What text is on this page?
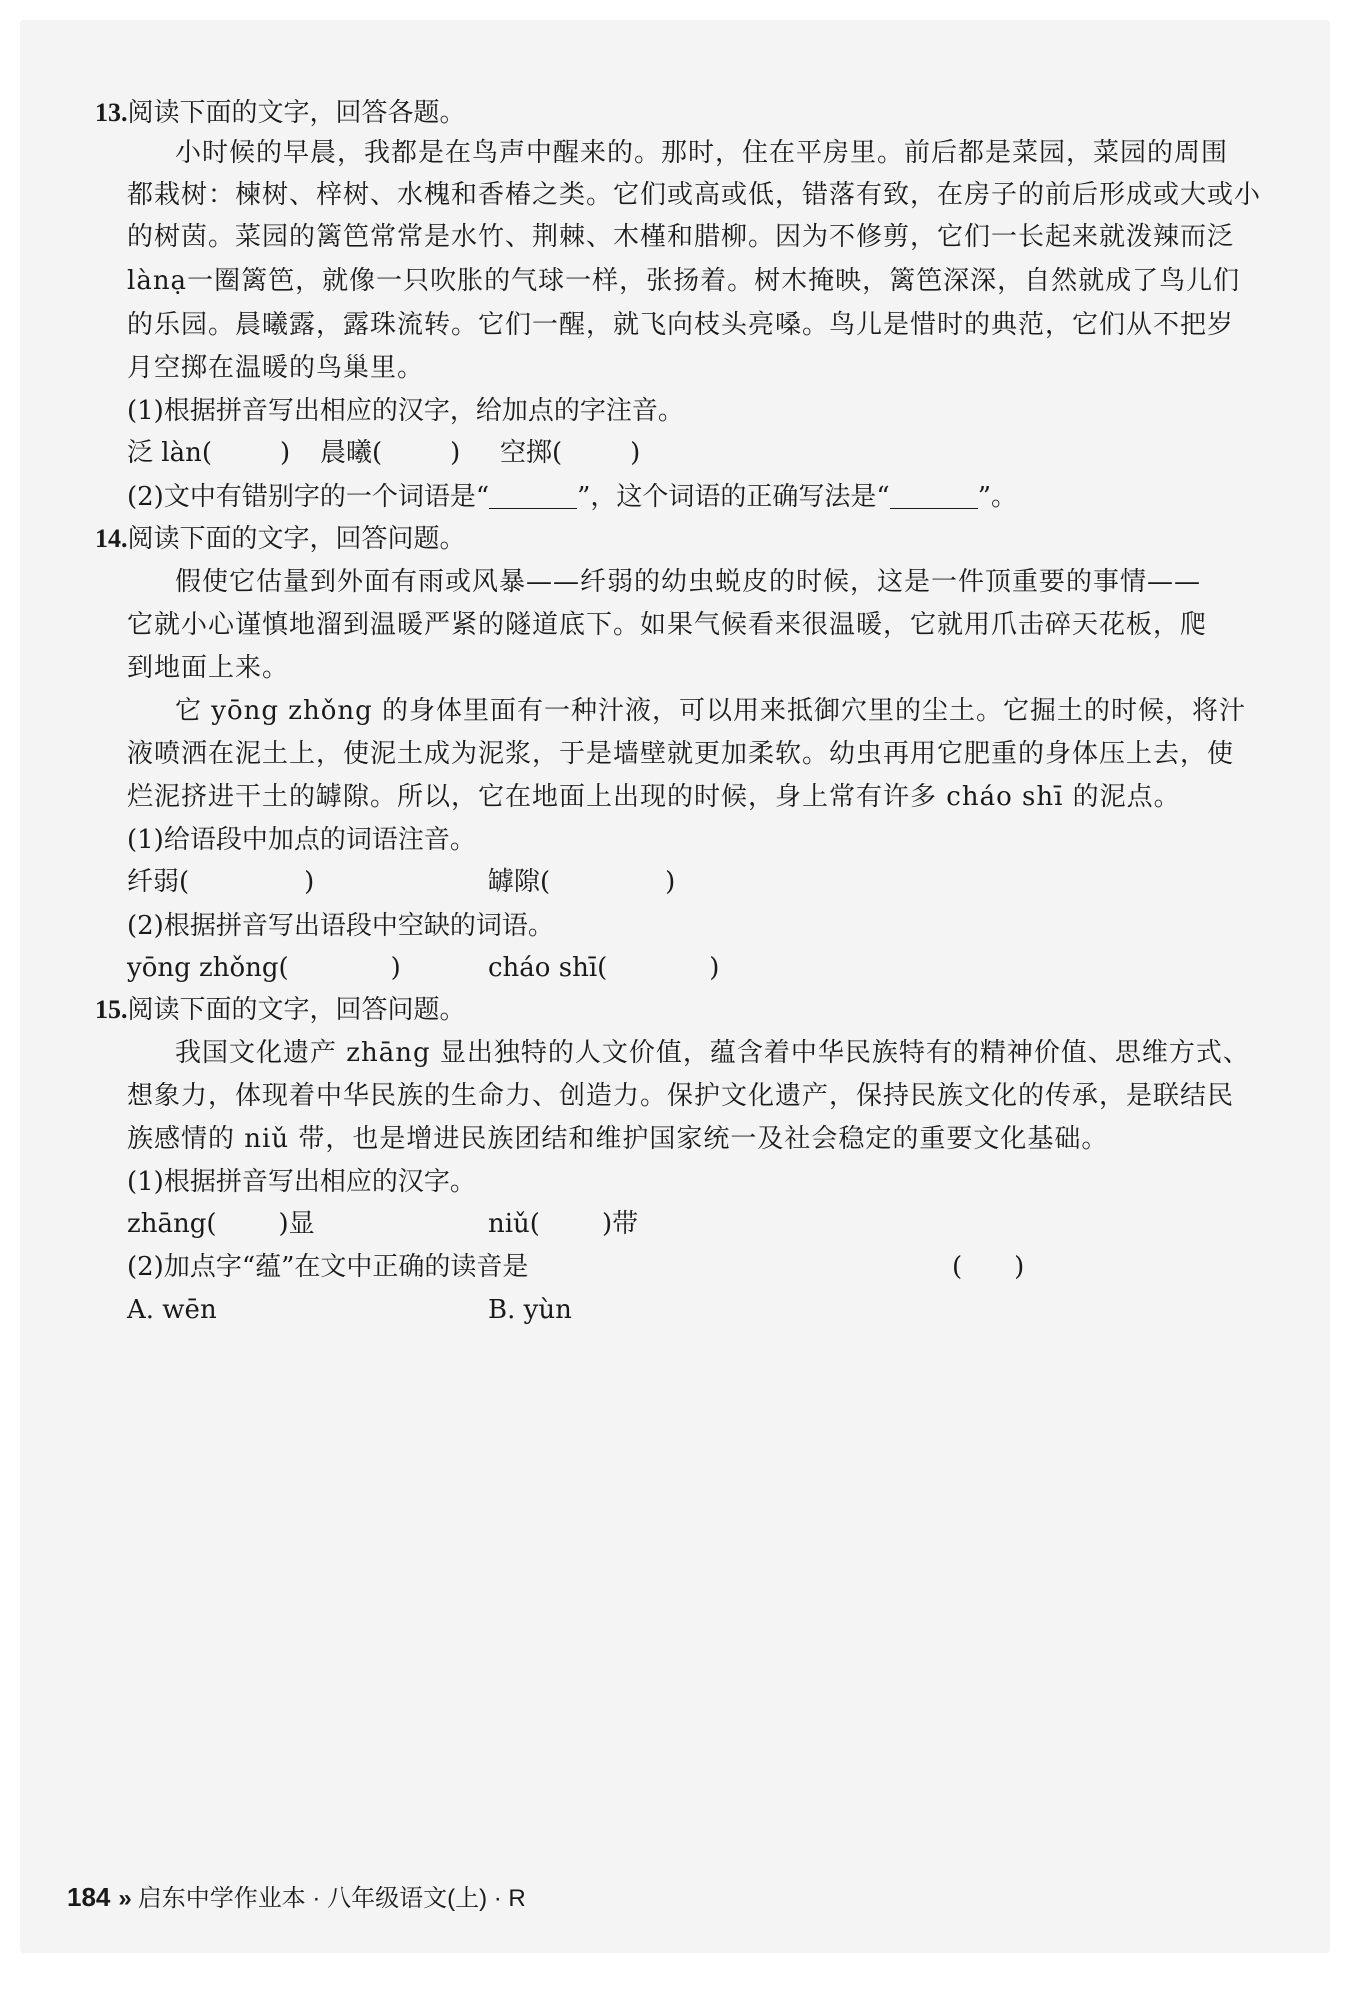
13.阅读下面的文字，回答各题。
小时候的早晨，我都是在鸟声中醒来的。那时，住在平房里。前后都是菜园，菜园的周围
都栽树：楝树、梓树、水槐和香椿之类。它们或高或低，错落有致，在房子的前后形成或大或小
的树茵。菜园的篱笆常常是水竹、荆棘、木槿和腊柳。因为不修剪，它们一长起来就泼辣而泛
lànạ一圈篱笆，就像一只吹胀的气球一样，张扬着。树木掩映，篱笆深深，自然就成了鸟儿们
的乐园。晨曦露，露珠流转。它们一醒，就飞向枝头亮嗓。鸟儿是惜时的典范，它们从不把岁
月空掷在温暖的鸟巢里。
(1)根据拼音写出相应的汉字，给加点的字注音。
泛 làn(	) 晨曦(	) 空掷(	)
(2)文中有错别字的一个词语是“	”，这个词语的正确写法是“	”。
14.阅读下面的文字，回答问题。
假使它估量到外面有雨或风暴——纤弱的幼虫蜕皮的时候，这是一件顶重要的事情——
它就小心谨慎地溜到温暖严紧的隧道底下。如果气候看来很温暖，它就用爪击碎天花板，爬
到地面上来。
它 yōng zhǒng 的身体里面有一种汁液，可以用来抵御穴里的尘土。它掘土的时候，将汁
液喷洒在泥土上，使泥土成为泥浆，于是墙壁就更加柔软。幼虫再用它肥重的身体压上去，使
烂泥挤进干土的罅隙。所以，它在地面上出现的时候，身上常有许多 cháo shī 的泥点。
(1)给语段中加点的词语注音。
纤弱(	)	罅隙(	)
(2)根据拼音写出语段中空缺的词语。
yōng zhǒng(	)	cháo shī(	)
15.阅读下面的文字，回答问题。
我国文化遗产 zhāng 显出独特的人文价值，蕴含着中华民族特有的精神价值、思维方式、
想象力，体现着中华民族的生命力、创造力。保护文化遗产，保持民族文化的传承，是联结民
族感情的 niǔ 带，也是增进民族团结和维护国家统一及社会稳定的重要文化基础。
(1)根据拼音写出相应的汉字。
zhāng( )显	niǔ( )带
(2)加点字“蕴”在文中正确的读音是	(　　)
A. wēn	B. yùn
184 » 启东中学作业本 · 八年级语文(上) · R
